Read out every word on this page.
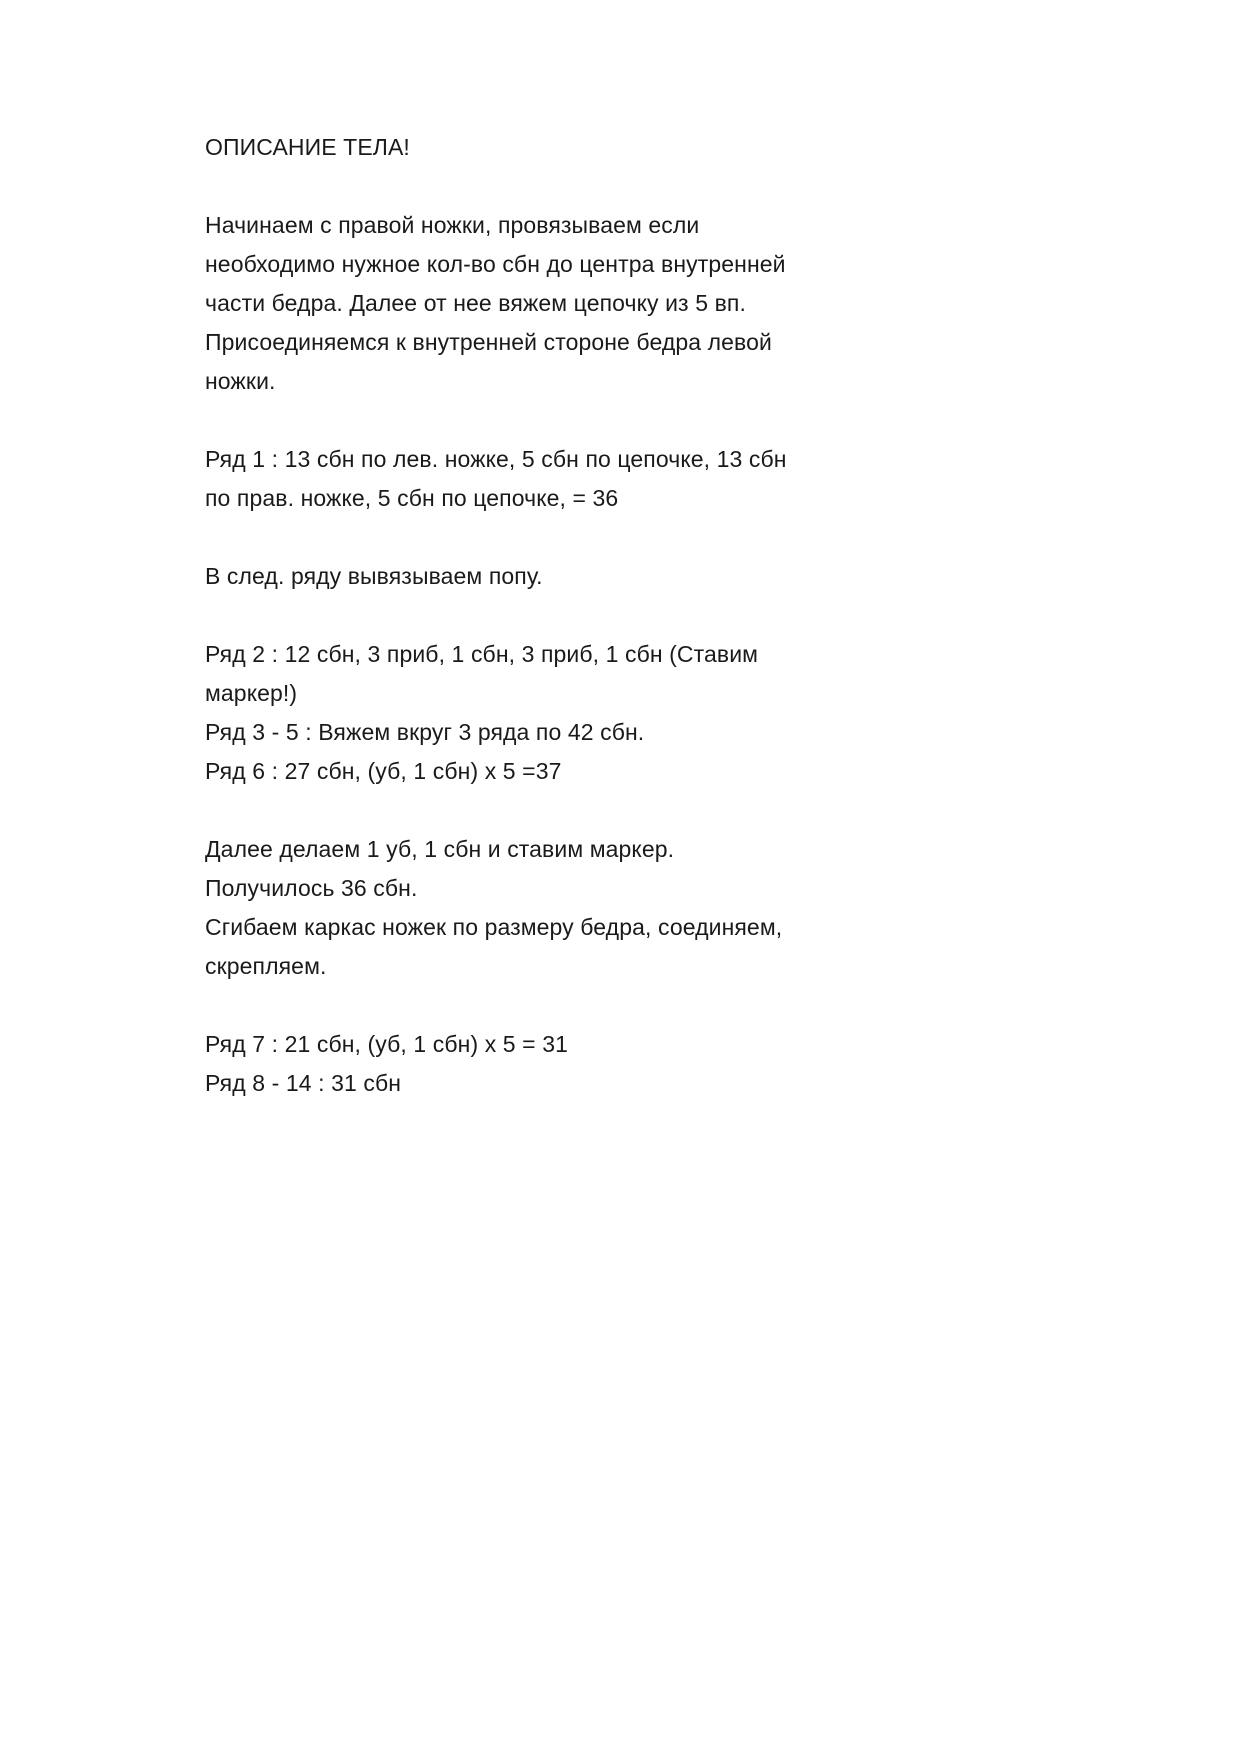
ОПИСАНИЕ ТЕЛА!
Начинаем с правой ножки, провязываем если
необходимо нужное кол-во сбн до центра внутренней
части бедра. Далее от нее вяжем цепочку из 5 вп.
Присоединяемся к внутренней стороне бедра левой
ножки.
Ряд 1 : 13 сбн по лев. ножке, 5 сбн по цепочке, 13 сбн
по прав. ножке, 5 сбн по цепочке, = 36
В след. ряду вывязываем попу.
Ряд 2 : 12 сбн, 3 приб, 1 сбн, 3 приб, 1 сбн (Ставим
маркер!)
Ряд 3 - 5 : Вяжем вкруг 3 ряда по 42 сбн.
Ряд 6 : 27 сбн, (уб, 1 сбн) х 5 =37
Далее делаем 1 уб, 1 сбн и ставим маркер.
Получилось 36 сбн.
Сгибаем каркас ножек по размеру бедра, соединяем,
скрепляем.
Ряд 7 : 21 сбн, (уб, 1 сбн) х 5 = 31
Ряд 8 - 14 : 31 сбн
